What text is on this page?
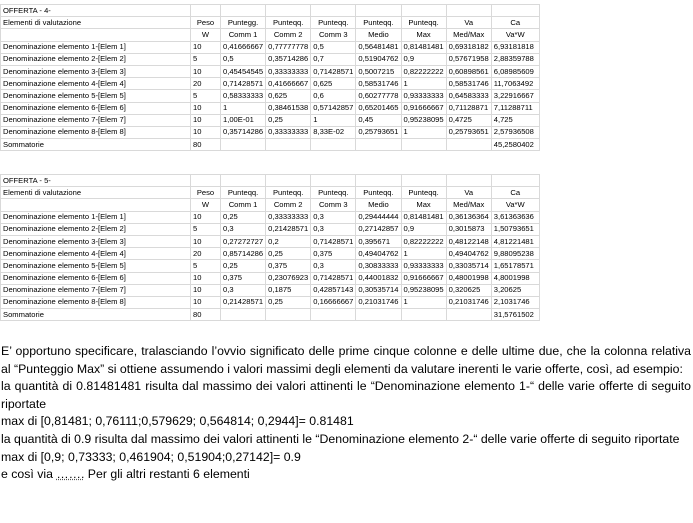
OFFERTA - 4-								
Elementi di valutazione	Peso	Puntegg.	Punteqq.	Punteqq.	Punteqq.	Punteqq.	Va	Ca
	W	Comm 1	Comm 2	Comm 3	Medio	Max	Med/Max	Va*W
Denominazione elemento 1-[Elem 1]	10	0,41666667	0,77777778	0,5	0,56481481	0,81481481	0,69318182	6,93181818
Denominazione elemento 2-[Elem 2]	5	0,5	0,35714286	0,7	0,51904762	0,9	0,57671958	2,88359788
Denominazione elemento 3-[Elem 3]	10	0,45454545	0,33333333	0,71428571	0,5007215	0,82222222	0,60898561	6,08985609
Denominazione elemento 4-[Elem 4]	20	0,71428571	0,41666667	0,625	0,58531746	1	0,58531746	11,7063492
Denominazione elemento 5-[Elem 5]	5	0,58333333	0,625	0,6	0,60277778	0,93333333	0,64583333	3,22916667
Denominazione elemento 6-[Elem 6]	10	1	0,38461538	0,57142857	0,65201465	0,91666667	0,71128871	7,11288711
Denominazione elemento 7-[Elem 7]	10	1,00E-01	0,25	1	0,45	0,95238095	0,4725	4,725
Denominazione elemento 8-[Elem 8]	10	0,35714286	0,33333333	8,33E-02	0,25793651	1	0,25793651	2,57936508
Sommatorie	80							45,2580402
OFFERTA - 5-								
Elementi di valutazione	Peso	Punteqq.	Punteqq.	Punteqq.	Punteqq.	Punteqq.	Va	Ca
	W	Comm 1	Comm 2	Comm 3	Medio	Max	Med/Max	Va*W
Denominazione elemento 1-[Elem 1]	10	0,25	0,33333333	0,3	0,29444444	0,81481481	0,36136364	3,61363636
Denominazione elemento 2-[Elem 2]	5	0,3	0,21428571	0,3	0,27142857	0,9	0,3015873	1,50793651
Denominazione elemento 3-[Elem 3]	10	0,27272727	0,2	0,71428571	0,395671	0,82222222	0,48122148	4,81221481
Denominazione elemento 4-[Elem 4]	20	0,85714286	0,25	0,375	0,49404762	1	0,49404762	9,88095238
Denominazione elemento 5-[Elem 5]	5	0,25	0,375	0,3	0,30833333	0,93333333	0,33035714	1,65178571
Denominazione elemento 6-[Elem 6]	10	0,375	0,23076923	0,71428571	0,44001832	0,91666667	0,48001998	4,8001998
Denominazione elemento 7-[Elem 7]	10	0,3	0,1875	0,42857143	0,30535714	0,95238095	0,320625	3,20625
Denominazione elemento 8-[Elem 8]	10	0,21428571	0,25	0,16666667	0,21031746	1	0,21031746	2,1031746
Sommatorie	80							31,5761502

E’ opportuno specificare, tralasciando l’ovvio significato delle prime cinque colonne e delle ultime due, che la colonna relativa al “Punteggio Max” si ottiene assumendo i valori massimi degli elementi da valutare inerenti le varie offerte, così, ad esempio:

la quantità di 0.81481481 risulta dal massimo dei valori attinenti le “Denominazione elemento 1-“ delle varie offerte di seguito riportate

max di [0,81481; 0,76111;0,579629; 0,564814; 0,2944]= 0.81481

la quantità di 0.9 risulta dal massimo dei valori attinenti le “Denominazione elemento 2-“ delle varie offerte di seguito riportate

max di [0,9; 0,73333; 0,461904; 0,51904;0,27142]= 0.9

e così via ……. Per gli altri restanti 6 elementi
